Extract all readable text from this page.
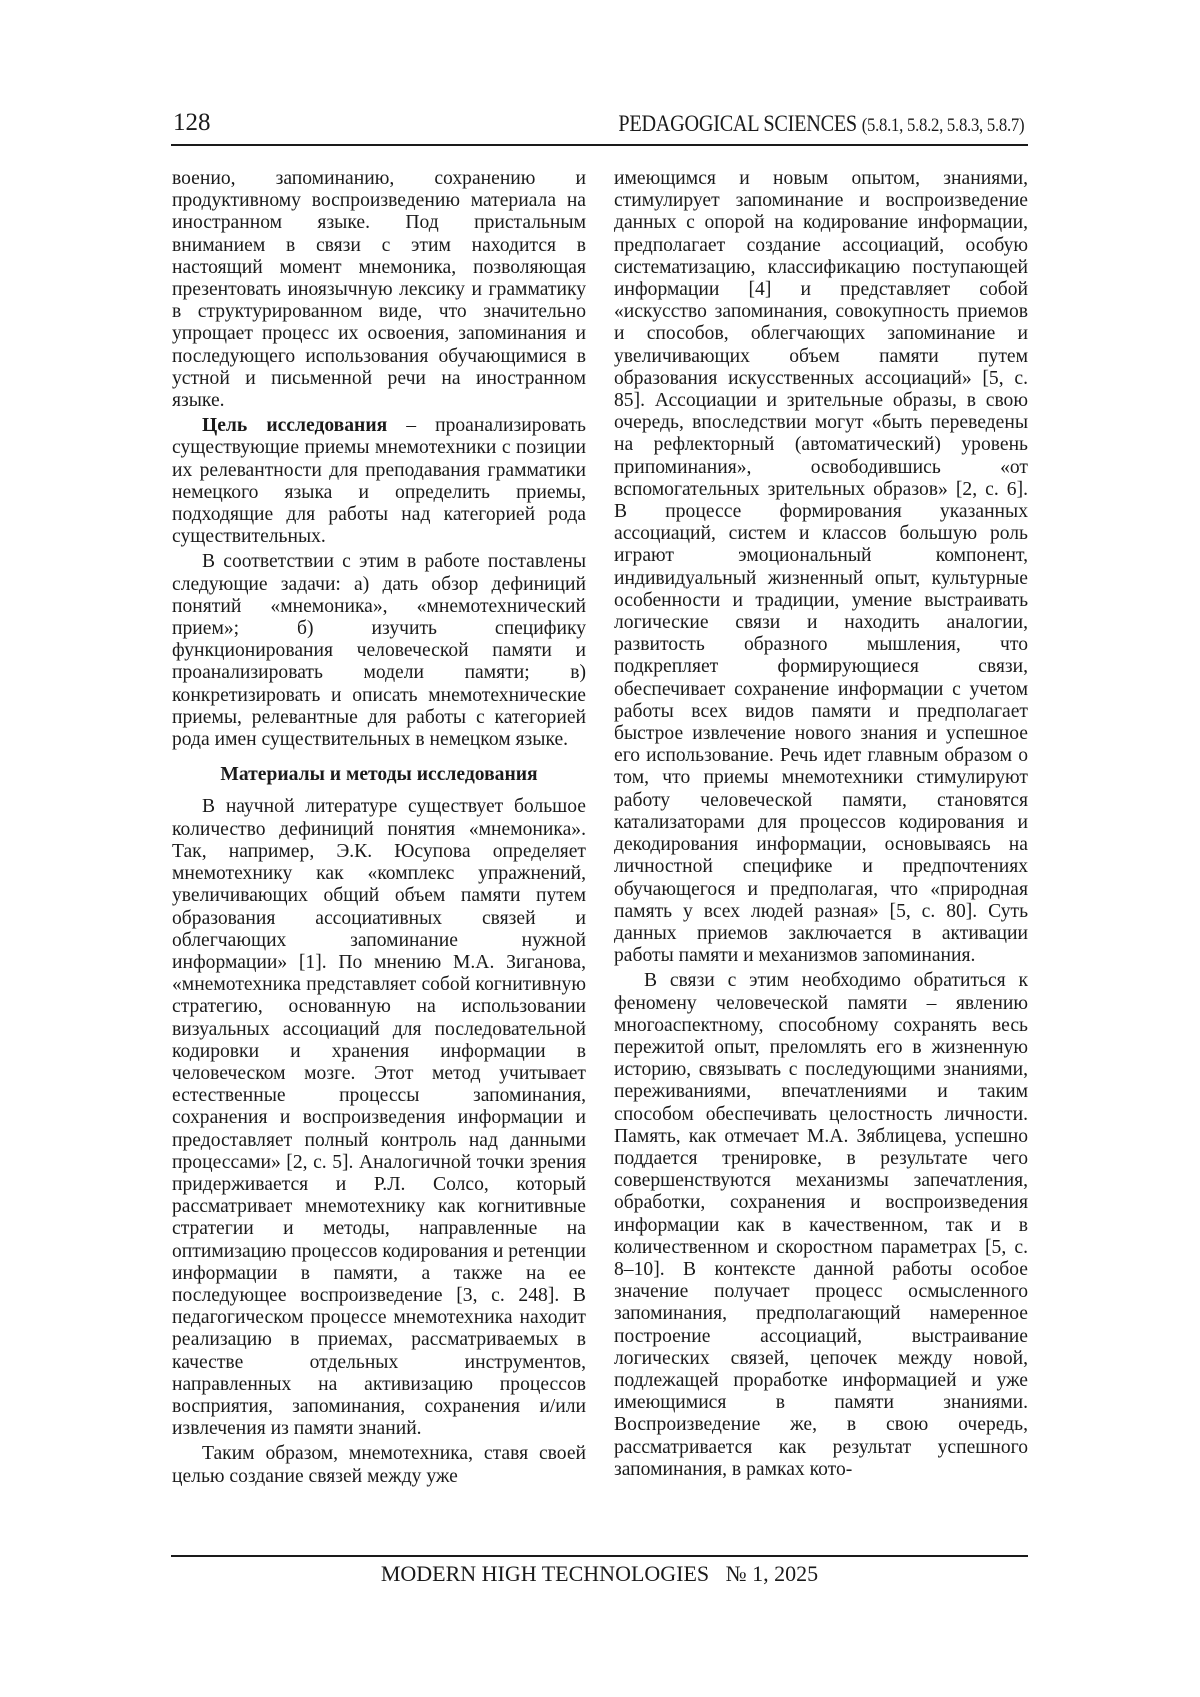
128	PEDAGOGICAL SCIENCES (5.8.1, 5.8.2, 5.8.3, 5.8.7)

военио, запоминанию, сохранению и продуктивному воспроизведению материала на иностранном языке. Под пристальным вниманием в связи с этим находится в настоящий момент мнемоника, позволяющая презентовать иноязычную лексику и грамматику в структурированном виде, что значительно упрощает процесс их освоения, запоминания и последующего использования обучающимися в устной и письменной речи на иностранном языке.

Цель исследования – проанализировать существующие приемы мнемотехники с позиции их релевантности для преподавания грамматики немецкого языка и определить приемы, подходящие для работы над категорией рода существительных.

В соответствии с этим в работе поставлены следующие задачи: а) дать обзор дефиниций понятий «мнемоника», «мнемотехнический прием»; б) изучить специфику функционирования человеческой памяти и проанализировать модели памяти; в) конкретизировать и описать мнемотехнические приемы, релевантные для работы с категорией рода имен существительных в немецком языке.

Материалы и методы исследования

В научной литературе существует большое количество дефиниций понятия «мнемоника». Так, например, Э.К. Юсупова определяет мнемотехнику как «комплекс упражнений, увеличивающих общий объем памяти путем образования ассоциативных связей и облегчающих запоминание нужной информации» [1]. По мнению М.А. Зиганова, «мнемотехника представляет собой когнитивную стратегию, основанную на использовании визуальных ассоциаций для последовательной кодировки и хранения информации в человеческом мозге. Этот метод учитывает естественные процессы запоминания, сохранения и воспроизведения информации и предоставляет полный контроль над данными процессами» [2, с. 5]. Аналогичной точки зрения придерживается и Р.Л. Солсо, который рассматривает мнемотехнику как когнитивные стратегии и методы, направленные на оптимизацию процессов кодирования и ретенции информации в памяти, а также на ее последующее воспроизведение [3, с. 248]. В педагогическом процессе мнемотехника находит реализацию в приемах, рассматриваемых в качестве отдельных инструментов, направленных на активизацию процессов восприятия, запоминания, сохранения и/или извлечения из памяти знаний.

Таким образом, мнемотехника, ставя своей целью создание связей между уже

имеющимся и новым опытом, знаниями, стимулирует запоминание и воспроизведение данных с опорой на кодирование информации, предполагает создание ассоциаций, особую систематизацию, классификацию поступающей информации [4] и представляет собой «искусство запоминания, совокупность приемов и способов, облегчающих запоминание и увеличивающих объем памяти путем образования искусственных ассоциаций» [5, с. 85]. Ассоциации и зрительные образы, в свою очередь, впоследствии могут «быть переведены на рефлекторный (автоматический) уровень припоминания», освободившись «от вспомогательных зрительных образов» [2, с. 6]. В процессе формирования указанных ассоциаций, систем и классов большую роль играют эмоциональный компонент, индивидуальный жизненный опыт, культурные особенности и традиции, умение выстраивать логические связи и находить аналогии, развитость образного мышления, что подкрепляет формирующиеся связи, обеспечивает сохранение информации с учетом работы всех видов памяти и предполагает быстрое извлечение нового знания и успешное его использование. Речь идет главным образом о том, что приемы мнемотехники стимулируют работу человеческой памяти, становятся катализаторами для процессов кодирования и декодирования информации, основываясь на личностной специфике и предпочтениях обучающегося и предполагая, что «природная память у всех людей разная» [5, с. 80]. Суть данных приемов заключается в активации работы памяти и механизмов запоминания.

В связи с этим необходимо обратиться к феномену человеческой памяти – явлению многоаспектному, способному сохранять весь пережитой опыт, преломлять его в жизненную историю, связывать с последующими знаниями, переживаниями, впечатлениями и таким способом обеспечивать целостность личности. Память, как отмечает М.А. Зяблицева, успешно поддается тренировке, в результате чего совершенствуются механизмы запечатления, обработки, сохранения и воспроизведения информации как в качественном, так и в количественном и скоростном параметрах [5, с. 8–10]. В контексте данной работы особое значение получает процесс осмысленного запоминания, предполагающий намеренное построение ассоциаций, выстраивание логических связей, цепочек между новой, подлежащей проработке информацией и уже имеющимися в памяти знаниями. Воспроизведение же, в свою очередь, рассматривается как результат успешного запоминания, в рамках кото-

MODERN HIGH TECHNOLOGIES   № 1, 2025
